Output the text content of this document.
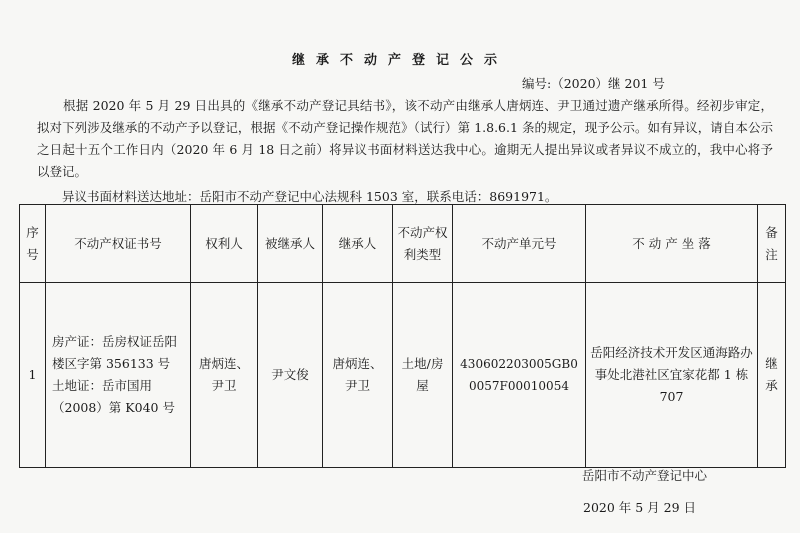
继承不动产登记公示
编号:（2020）继 201 号
根据 2020 年 5 月 29 日出具的《继承不动产登记具结书》，该不动产由继承人唐炳连、尹卫通过遗产继承所得。经初步审定， 拟对下列涉及继承的不动产予以登记，根据《不动产登记操作规范》（试行）第 1.8.6.1 条的规定，现予公示。如有异议，请自本公示之日起十五个工作日内（2020 年 6 月 18 日之前）将异议书面材料送达我中心。逾期无人提出异议或者异议不成立的，我中心将予以登记。
异议书面材料送达地址：岳阳市不动产登记中心法规科 1503 室，联系电话：8691971。
序号	不动产权证书号	权利人	被继承人	继承人	不动产权利类型	不动产单元号	不 动 产 坐 落	备注
1	房产证：岳房权证岳阳楼区字第 356133 号 土地证：岳市国用（2008）第 K040 号	唐炳连、尹卫	尹文俊	唐炳连、尹卫	土地/房屋	430602203005GB00057F00010054	岳阳经济技术开发区通海路办事处北港社区宜家花都 1 栋 707	继承
岳阳市不动产登记中心
2020 年 5 月 29 日
